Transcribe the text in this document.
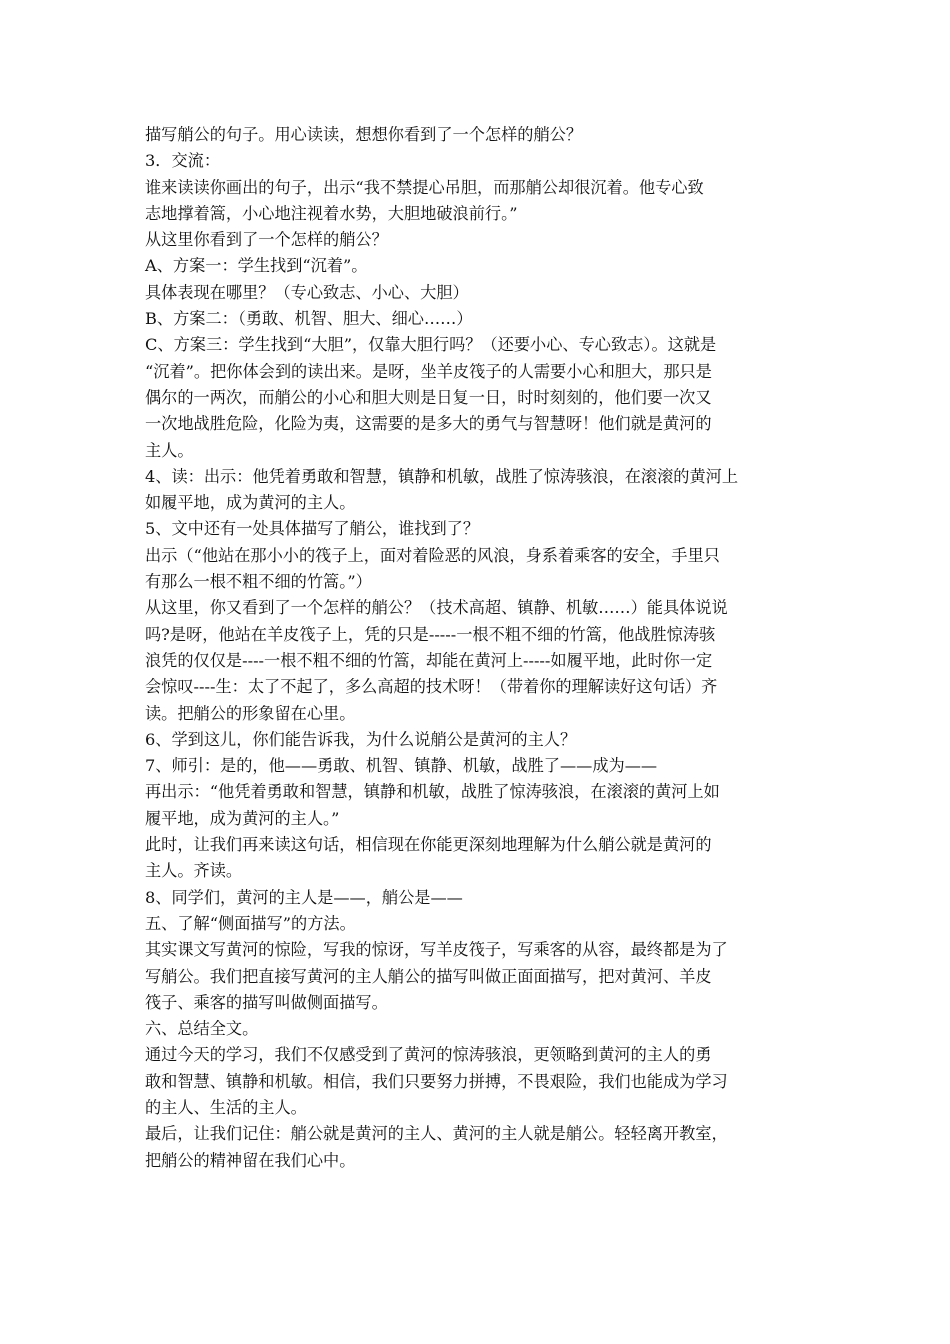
描写艄公的句子。用心读读，想想你看到了一个怎样的艄公？
3．交流：
谁来读读你画出的句子，出示“我不禁提心吊胆，而那艄公却很沉着。他专心致
志地撑着篙，小心地注视着水势，大胆地破浪前行。”
从这里你看到了一个怎样的艄公？
A、方案一：学生找到“沉着”。
具体表现在哪里？（专心致志、小心、大胆）
B、方案二：（勇敢、机智、胆大、细心……）
C、方案三：学生找到“大胆”，仅靠大胆行吗？（还要小心、专心致志）。这就是
“沉着”。把你体会到的读出来。是呀，坐羊皮筏子的人需要小心和胆大，那只是
偶尔的一两次，而艄公的小心和胆大则是日复一日，时时刻刻的，他们要一次又
一次地战胜危险，化险为夷，这需要的是多大的勇气与智慧呀！他们就是黄河的
主人。
4、读：出示：他凭着勇敢和智慧，镇静和机敏，战胜了惊涛骇浪，在滚滚的黄河上
如履平地，成为黄河的主人。
5、文中还有一处具体描写了艄公，谁找到了？
出示（“他站在那小小的筏子上，面对着险恶的风浪，身系着乘客的安全，手里只
有那么一根不粗不细的竹篙。”）
从这里，你又看到了一个怎样的艄公？（技术高超、镇静、机敏……）能具体说说
吗?是呀，他站在羊皮筏子上，凭的只是-----一根不粗不细的竹篙，他战胜惊涛骇
浪凭的仅仅是----一根不粗不细的竹篙，却能在黄河上-----如履平地，此时你一定
会惊叹----生：太了不起了，多么高超的技术呀！（带着你的理解读好这句话）齐
读。把艄公的形象留在心里。
6、学到这儿，你们能告诉我，为什么说艄公是黄河的主人？
7、师引：是的，他——勇敢、机智、镇静、机敏，战胜了——成为——
再出示：“他凭着勇敢和智慧，镇静和机敏，战胜了惊涛骇浪，在滚滚的黄河上如
履平地，成为黄河的主人。”
此时，让我们再来读这句话，相信现在你能更深刻地理解为什么艄公就是黄河的
主人。齐读。
8、同学们，黄河的主人是——，艄公是——
五、了解“侧面描写”的方法。
其实课文写黄河的惊险，写我的惊讶，写羊皮筏子，写乘客的从容，最终都是为了
写艄公。我们把直接写黄河的主人艄公的描写叫做正面面描写，把对黄河、羊皮
筏子、乘客的描写叫做侧面描写。
六、总结全文。
通过今天的学习，我们不仅感受到了黄河的惊涛骇浪，更领略到黄河的主人的勇
敢和智慧、镇静和机敏。相信，我们只要努力拼搏，不畏艰险，我们也能成为学习
的主人、生活的主人。
最后，让我们记住：艄公就是黄河的主人、黄河的主人就是艄公。轻轻离开教室，
把艄公的精神留在我们心中。
